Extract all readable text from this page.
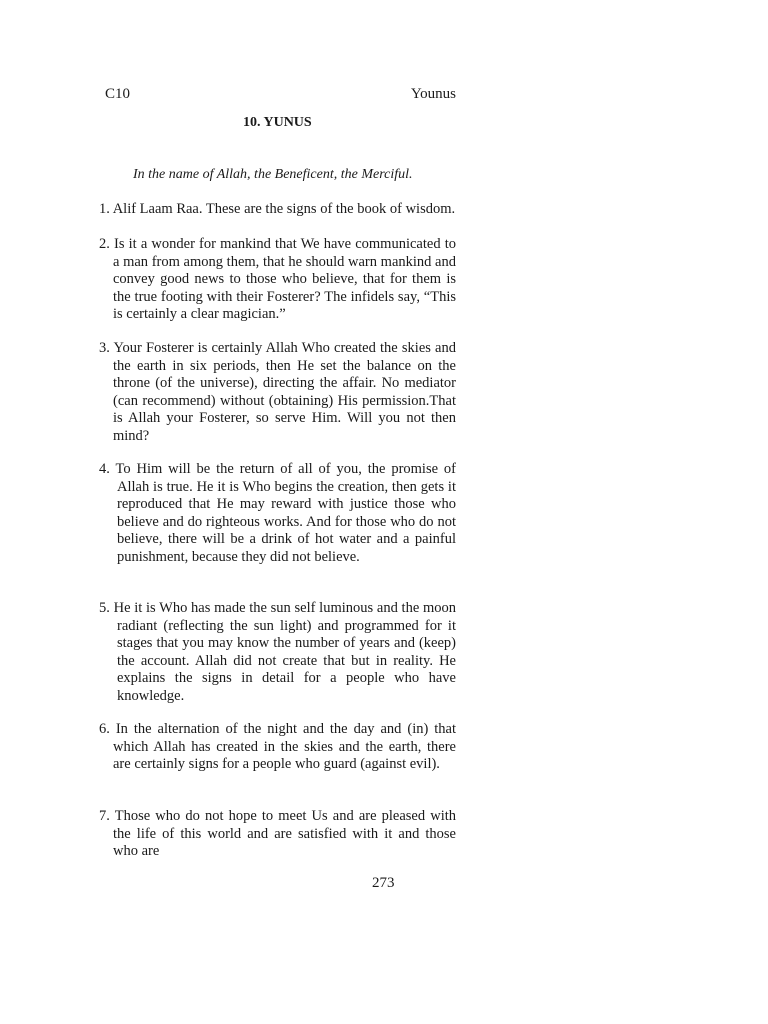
C10	Younus
10. YUNUS
In the name of Allah, the Beneficent, the Merciful.

1. Alif Laam Raa. These are the signs of the book of wisdom.

2. Is it a wonder for mankind that We have communicated to a man from among them, that he should warn mankind and convey good news to those who believe, that for them is the true footing with their Fosterer? The infidels say, “This is certainly a clear magician.”

3. Your Fosterer is certainly Allah Who created the skies and the earth in six periods, then He set the balance on the throne (of the universe), directing the affair. No mediator (can recommend) without (obtaining) His permission.That is Allah your Fosterer, so serve Him. Will you not then mind?

4. To Him will be the return of all of you, the promise of Allah is true. He it is Who begins the creation, then gets it reproduced that He may reward with justice those who believe and do righteous works. And for those who do not believe, there will be a drink of hot water and a painful punishment, because they did not believe.

5. He it is Who has made the sun self luminous and the moon radiant (reflecting the sun light) and programmed for it stages that you may know the number of years and (keep) the account. Allah did not create that but in reality. He explains the signs in detail for a people who have knowledge.

6. In the alternation of the night and the day and (in) that which Allah has created in the skies and the earth, there are certainly signs for a people who guard (against evil).

7. Those who do not hope to meet Us and are pleased with the life of this world and are satisfied with it and those who are

273
